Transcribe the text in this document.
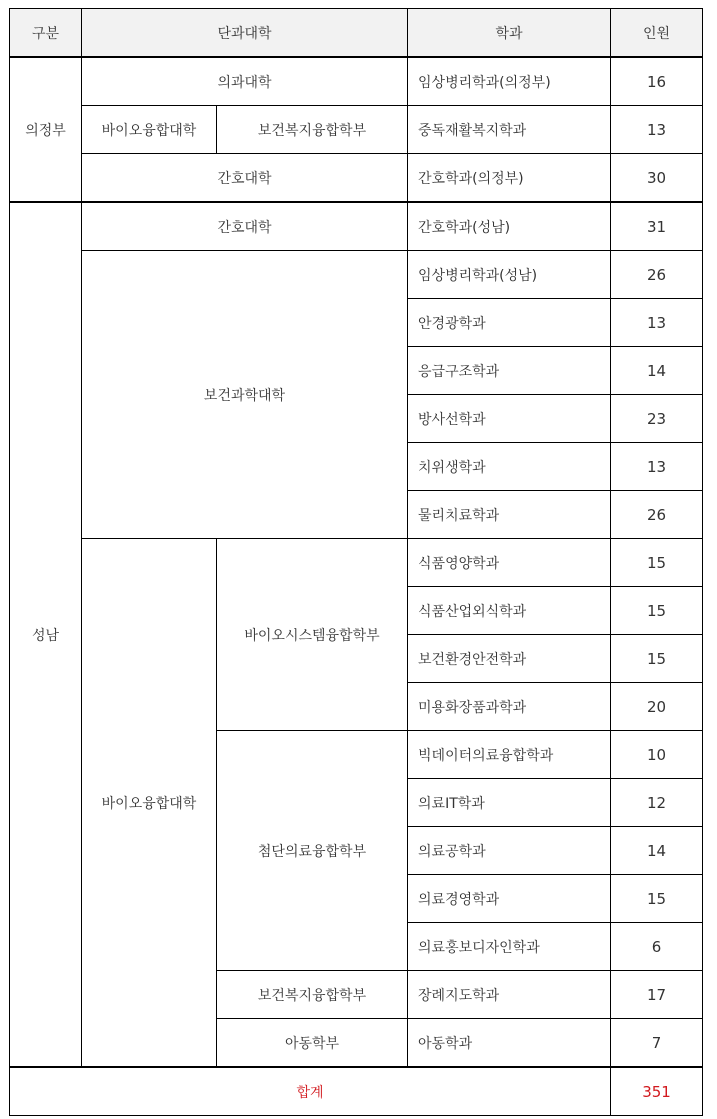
구분	단과대학		학과	인원
의정부	의과대학		임상병리학과(의정부)	16
	바이오융합대학	보건복지융합학부	중독재활복지학과	13
	간호대학		간호학과(의정부)	30
성남	간호대학		간호학과(성남)	31
	보건과학대학		임상병리학과(성남)	26
			안경광학과	13
			응급구조학과	14
			방사선학과	23
			치위생학과	13
			물리치료학과	26
	바이오융합대학	바이오시스템융합학부	식품영양학과	15
			식품산업외식학과	15
			보건환경안전학과	15
			미용화장품과학과	20
		첨단의료융합학부	빅데이터의료융합학과	10
			의료IT학과	12
			의료공학과	14
			의료경영학과	15
			의료홍보디자인학과	6
		보건복지융합학부	장례지도학과	17
		아동학부	아동학과	7
합계				351
